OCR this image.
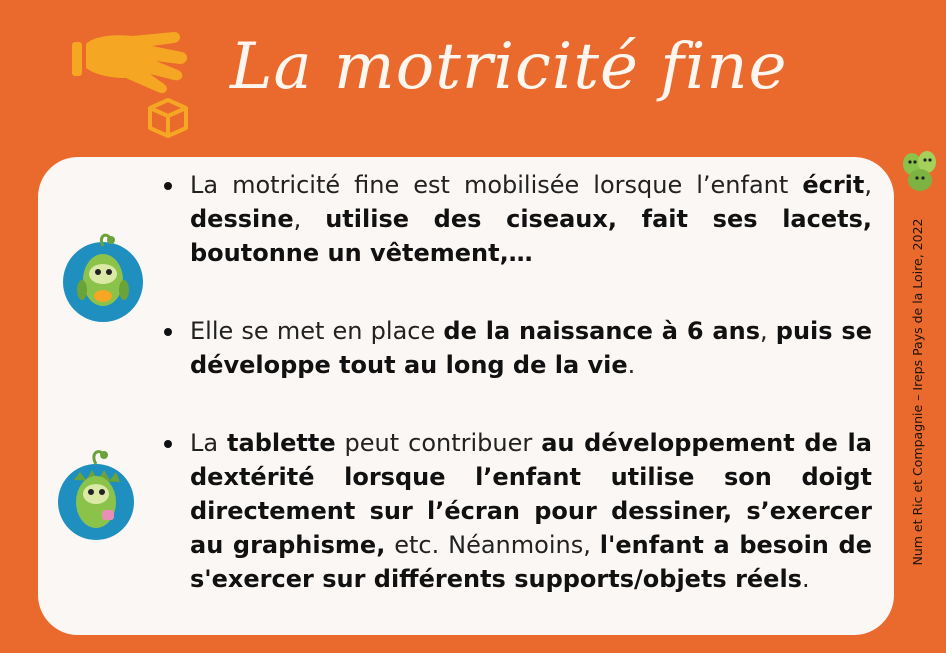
La motricité fine
La motricité fine est mobilisée lorsque l’enfant écrit, dessine, utilise des ciseaux, fait ses lacets, boutonne un vêtement,…
Elle se met en place de la naissance à 6 ans, puis se développe tout au long de la vie.
La tablette peut contribuer au développement de la dextérité lorsque l’enfant utilise son doigt directement sur l’écran pour dessiner, s’exercer au graphisme, etc. Néanmoins, l'enfant a besoin de s'exercer sur différents supports/objets réels.
Num et Ric et Compagnie – Ireps Pays de la Loire, 2022
